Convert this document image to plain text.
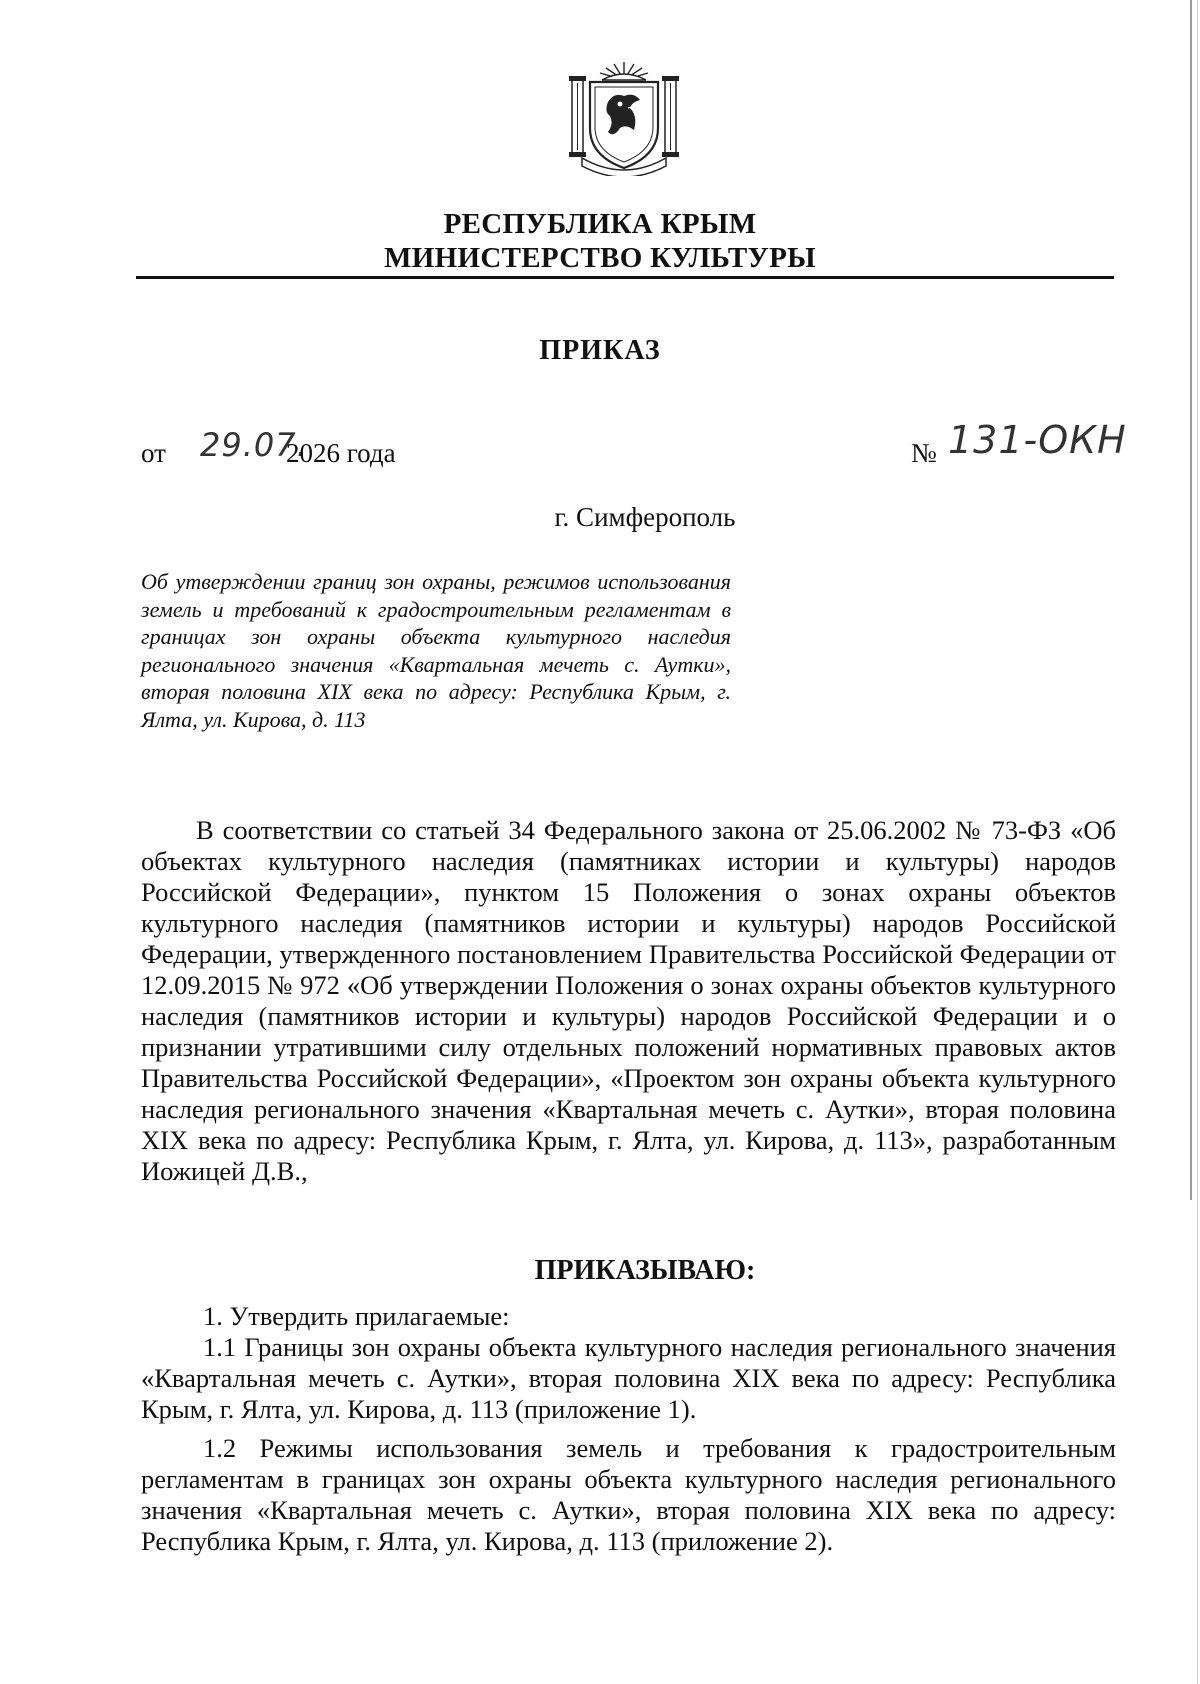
РЕСПУБЛИКА КРЫМ
МИНИСТЕРСТВО КУЛЬТУРЫ
ПРИКАЗ
от 29.07.
2026 года	№ 131-ОКН
г. Симферополь
Об утверждении границ зон охраны, режимов использования земель и требований к градостроительным регламентам в границах зон охраны объекта культурного наследия регионального значения «Квартальная мечеть с. Аутки», вторая половина XIX века по адресу: Республика Крым, г. Ялта, ул. Кирова, д. 113
В соответствии со статьей 34 Федерального закона от 25.06.2002 № 73-ФЗ «Об объектах культурного наследия (памятниках истории и культуры) народов Российской Федерации», пунктом 15 Положения о зонах охраны объектов культурного наследия (памятников истории и культуры) народов Российской Федерации, утвержденного постановлением Правительства Российской Федерации от 12.09.2015 № 972 «Об утверждении Положения о зонах охраны объектов культурного наследия (памятников истории и культуры) народов Российской Федерации и о признании утратившими силу отдельных положений нормативных правовых актов Правительства Российской Федерации», «Проектом зон охраны объекта культурного наследия регионального значения «Квартальная мечеть с. Аутки», вторая половина XIX века по адресу: Республика Крым, г. Ялта, ул. Кирова, д. 113», разработанным Иожицей Д.В.,
ПРИКАЗЫВАЮ:
1. Утвердить прилагаемые:
1.1 Границы зон охраны объекта культурного наследия регионального значения «Квартальная мечеть с. Аутки», вторая половина XIX века по адресу: Республика Крым, г. Ялта, ул. Кирова, д. 113 (приложение 1).
1.2 Режимы использования земель и требования к градостроительным регламентам в границах зон охраны объекта культурного наследия регионального значения «Квартальная мечеть с. Аутки», вторая половина XIX века по адресу: Республика Крым, г. Ялта, ул. Кирова, д. 113 (приложение 2).
